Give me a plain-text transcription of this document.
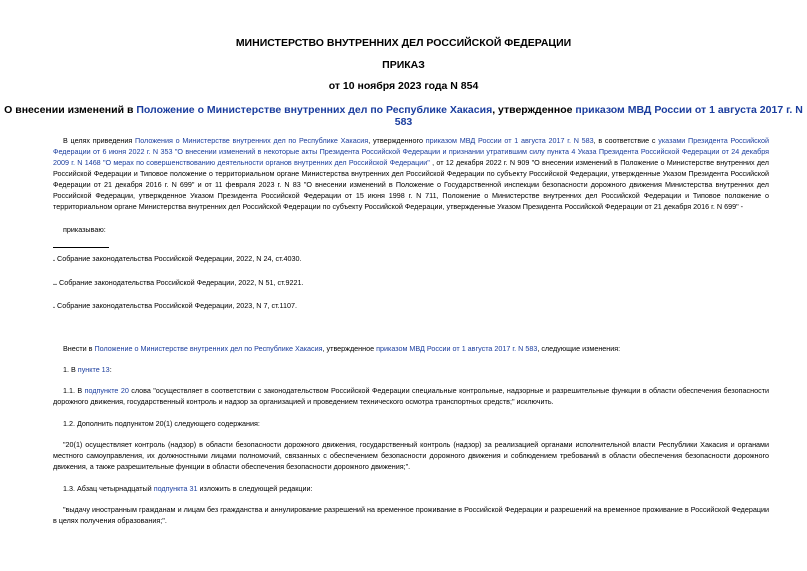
МИНИСТЕРСТВО ВНУТРЕННИХ ДЕЛ РОССИЙСКОЙ ФЕДЕРАЦИИ
ПРИКАЗ
от 10 ноября 2023 года N 854
О внесении изменений в Положение о Министерстве внутренних дел по Республике Хакасия, утвержденное приказом МВД России от 1 августа 2017 г. N 583
В целях приведения Положения о Министерстве внутренних дел по Республике Хакасия, утвержденного приказом МВД России от 1 августа 2017 г. N 583, в соответствие с указами Президента Российской Федерации от 6 июня 2022 г. N 353 "О внесении изменений в некоторые акты Президента Российской Федерации и признании утратившим силу пункта 4 Указа Президента Российской Федерации от 24 декабря 2009 г. N 1468 "О мерах по совершенствованию деятельности органов внутренних дел Российской Федерации" , от 12 декабря 2022 г. N 909 "О внесении изменений в Положение о Министерстве внутренних дел Российской Федерации и Типовое положение о территориальном органе Министерства внутренних дел Российской Федерации по субъекту Российской Федерации, утвержденные Указом Президента Российской Федерации от 21 декабря 2016 г. N 699" и от 11 февраля 2023 г. N 83 "О внесении изменений в Положение о Государственной инспекции безопасности дорожного движения Министерства внутренних дел Российской Федерации, утвержденное Указом Президента Российской Федерации от 15 июня 1998 г. N 711, Положение о Министерстве внутренних дел Российской Федерации и Типовое положение о территориальном органе Министерства внутренних дел Российской Федерации по субъекту Российской Федерации, утвержденные Указом Президента Российской Федерации от 21 декабря 2016 г. N 699" -
приказываю:
. Собрание законодательства Российской Федерации, 2022, N 24, ст.4030.
.. Собрание законодательства Российской Федерации, 2022, N 51, ст.9221.
. Собрание законодательства Российской Федерации, 2023, N 7, ст.1107.
Внести в Положение о Министерстве внутренних дел по Республике Хакасия, утвержденное приказом МВД России от 1 августа 2017 г. N 583, следующие изменения:
1. В пункте 13:
1.1. В подпункте 20 слова "осуществляет в соответствии с законодательством Российской Федерации специальные контрольные, надзорные и разрешительные функции в области обеспечения безопасности дорожного движения, государственный контроль и надзор за организацией и проведением технического осмотра транспортных средств;" исключить.
1.2. Дополнить подпунктом 20(1) следующего содержания:
"20(1) осуществляет контроль (надзор) в области безопасности дорожного движения, государственный контроль (надзор) за реализацией органами исполнительной власти Республики Хакасия и органами местного самоуправления, их должностными лицами полномочий, связанных с обеспечением безопасности дорожного движения и соблюдением требований в области обеспечения безопасности дорожного движения, а также разрешительные функции в области обеспечения безопасности дорожного движения;".
1.3. Абзац четырнадцатый подпункта 31 изложить в следующей редакции:
"выдачу иностранным гражданам и лицам без гражданства и аннулирование разрешений на временное проживание в Российской Федерации и разрешений на временное проживание в Российской Федерации в целях получения образования;".
